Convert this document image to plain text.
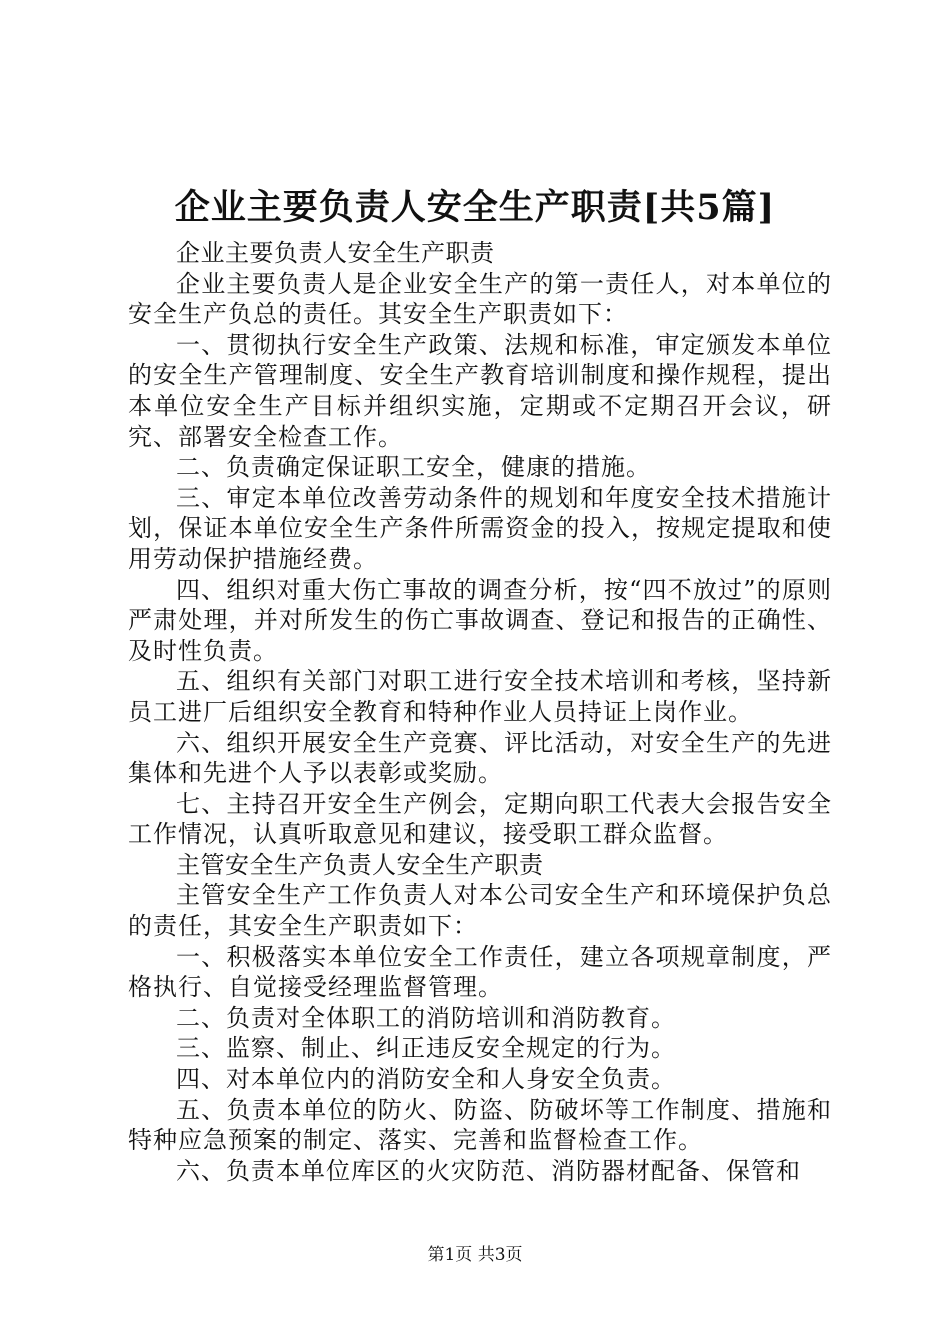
企业主要负责人安全生产职责[共5篇]

企业主要负责人安全生产职责

企业主要负责人是企业安全生产的第一责任人，对本单位的安全生产负总的责任。其安全生产职责如下：

一、贯彻执行安全生产政策、法规和标准，审定颁发本单位的安全生产管理制度、安全生产教育培训制度和操作规程，提出本单位安全生产目标并组织实施，定期或不定期召开会议，研究、部署安全检查工作。

二、负责确定保证职工安全，健康的措施。

三、审定本单位改善劳动条件的规划和年度安全技术措施计划，保证本单位安全生产条件所需资金的投入，按规定提取和使用劳动保护措施经费。

四、组织对重大伤亡事故的调查分析，按“四不放过”的原则严肃处理，并对所发生的伤亡事故调查、登记和报告的正确性、及时性负责。

五、组织有关部门对职工进行安全技术培训和考核，坚持新员工进厂后组织安全教育和特种作业人员持证上岗作业。

六、组织开展安全生产竞赛、评比活动，对安全生产的先进集体和先进个人予以表彰或奖励。

七、主持召开安全生产例会，定期向职工代表大会报告安全工作情况，认真听取意见和建议，接受职工群众监督。

主管安全生产负责人安全生产职责

主管安全生产工作负责人对本公司安全生产和环境保护负总的责任，其安全生产职责如下：

一、积极落实本单位安全工作责任，建立各项规章制度，严格执行、自觉接受经理监督管理。

二、负责对全体职工的消防培训和消防教育。

三、监察、制止、纠正违反安全规定的行为。

四、对本单位内的消防安全和人身安全负责。

五、负责本单位的防火、防盗、防破坏等工作制度、措施和特种应急预案的制定、落实、完善和监督检查工作。

六、负责本单位库区的火灾防范、消防器材配备、保管和

第1页 共3页
